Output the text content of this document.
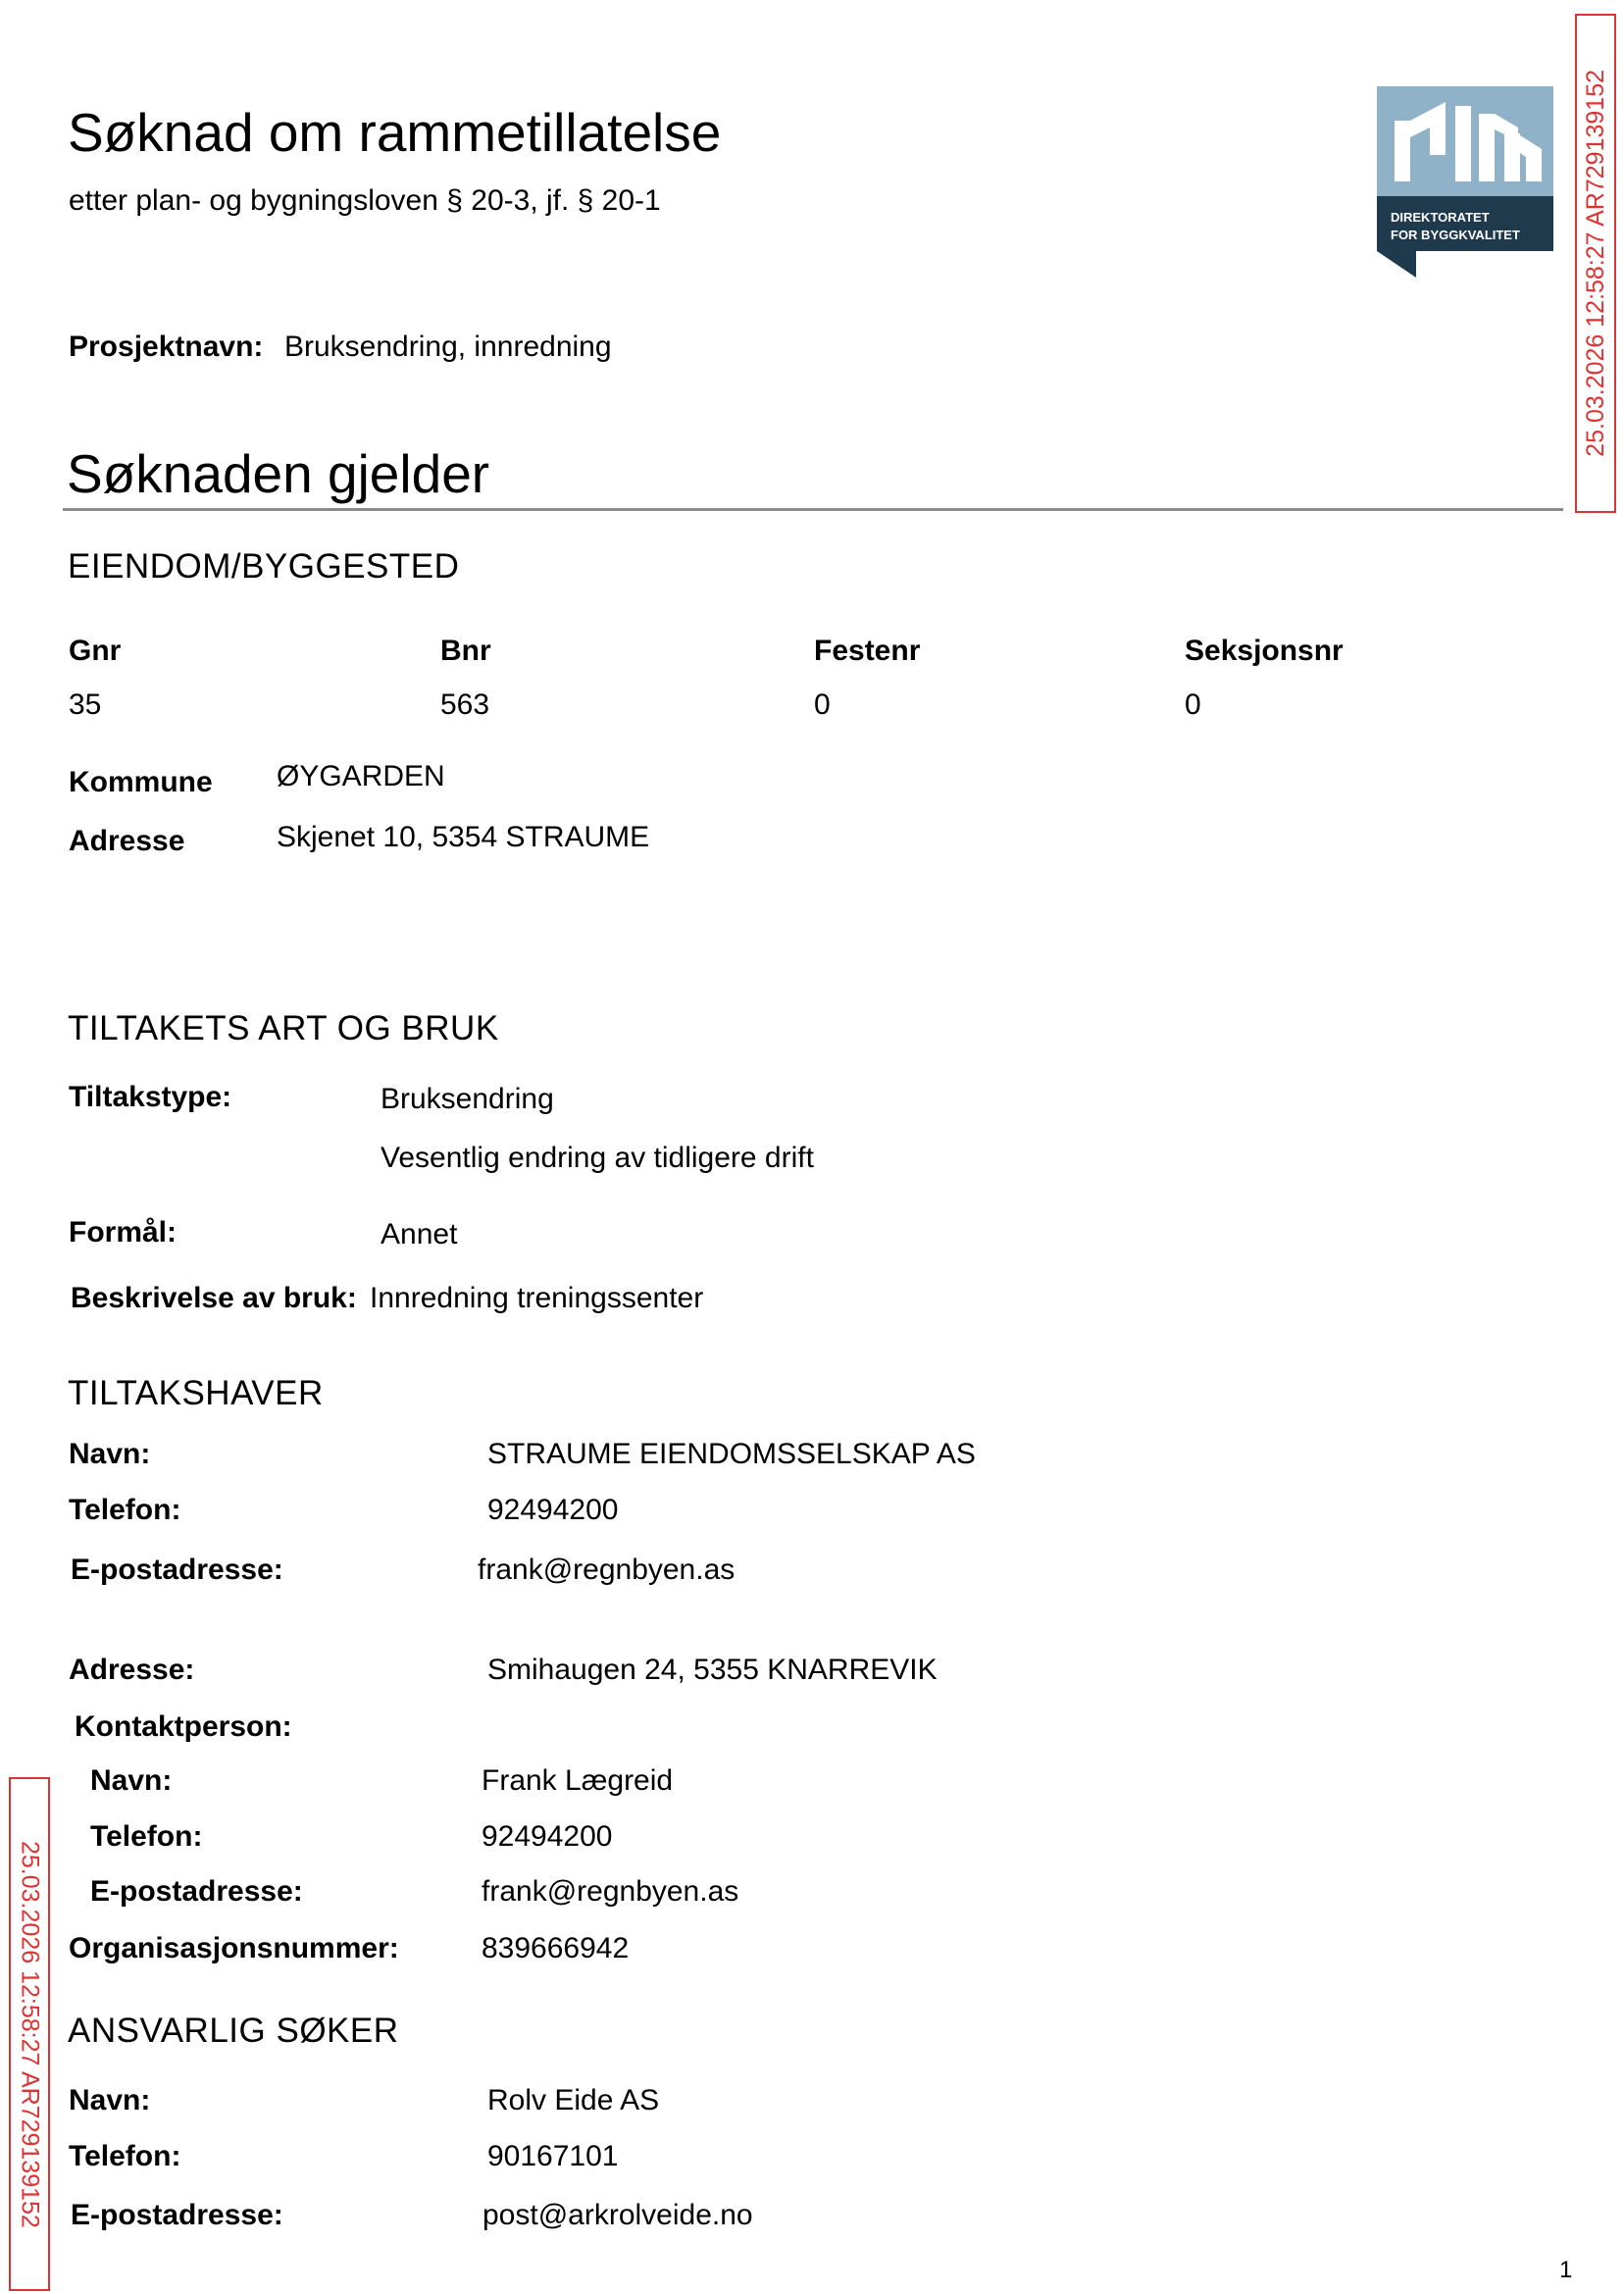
Søknad om rammetillatelse
etter plan- og bygningsloven § 20-3, jf. § 20-1
DIREKTORATET
FOR BYGGKVALITET	25.03.2026 12:58:27 AR729139152
25.03.2026 12:58:27 AR729139152
Prosjektnavn: Bruksendring, innredning
Søknaden gjelder
EIENDOM/BYGGESTED
Gnr	Bnr	Festenr	Seksjonsnr
35	563	0	0
Kommune ØYGARDEN
Adresse	Skjenet 10, 5354 STRAUME
TILTAKETS ART OG BRUK
Tiltakstype:	Bruksendring
Vesentlig endring av tidligere drift
Formål:	Annet
Beskrivelse av bruk: Innredning treningssenter
TILTAKSHAVER
Navn:	STRAUME EIENDOMSSELSKAP AS
Telefon:	92494200
E-postadresse:	frank@regnbyen.as
Adresse:	Smihaugen 24, 5355 KNARREVIK
Kontaktperson:
Navn:	Frank Lægreid
Telefon:	92494200
E-postadresse:	frank@regnbyen.as
Organisasjonsnummer:	839666942
ANSVARLIG SØKER
Navn:	Rolv Eide AS
Telefon:	90167101
E-postadresse:	post@arkrolveide.no
1
